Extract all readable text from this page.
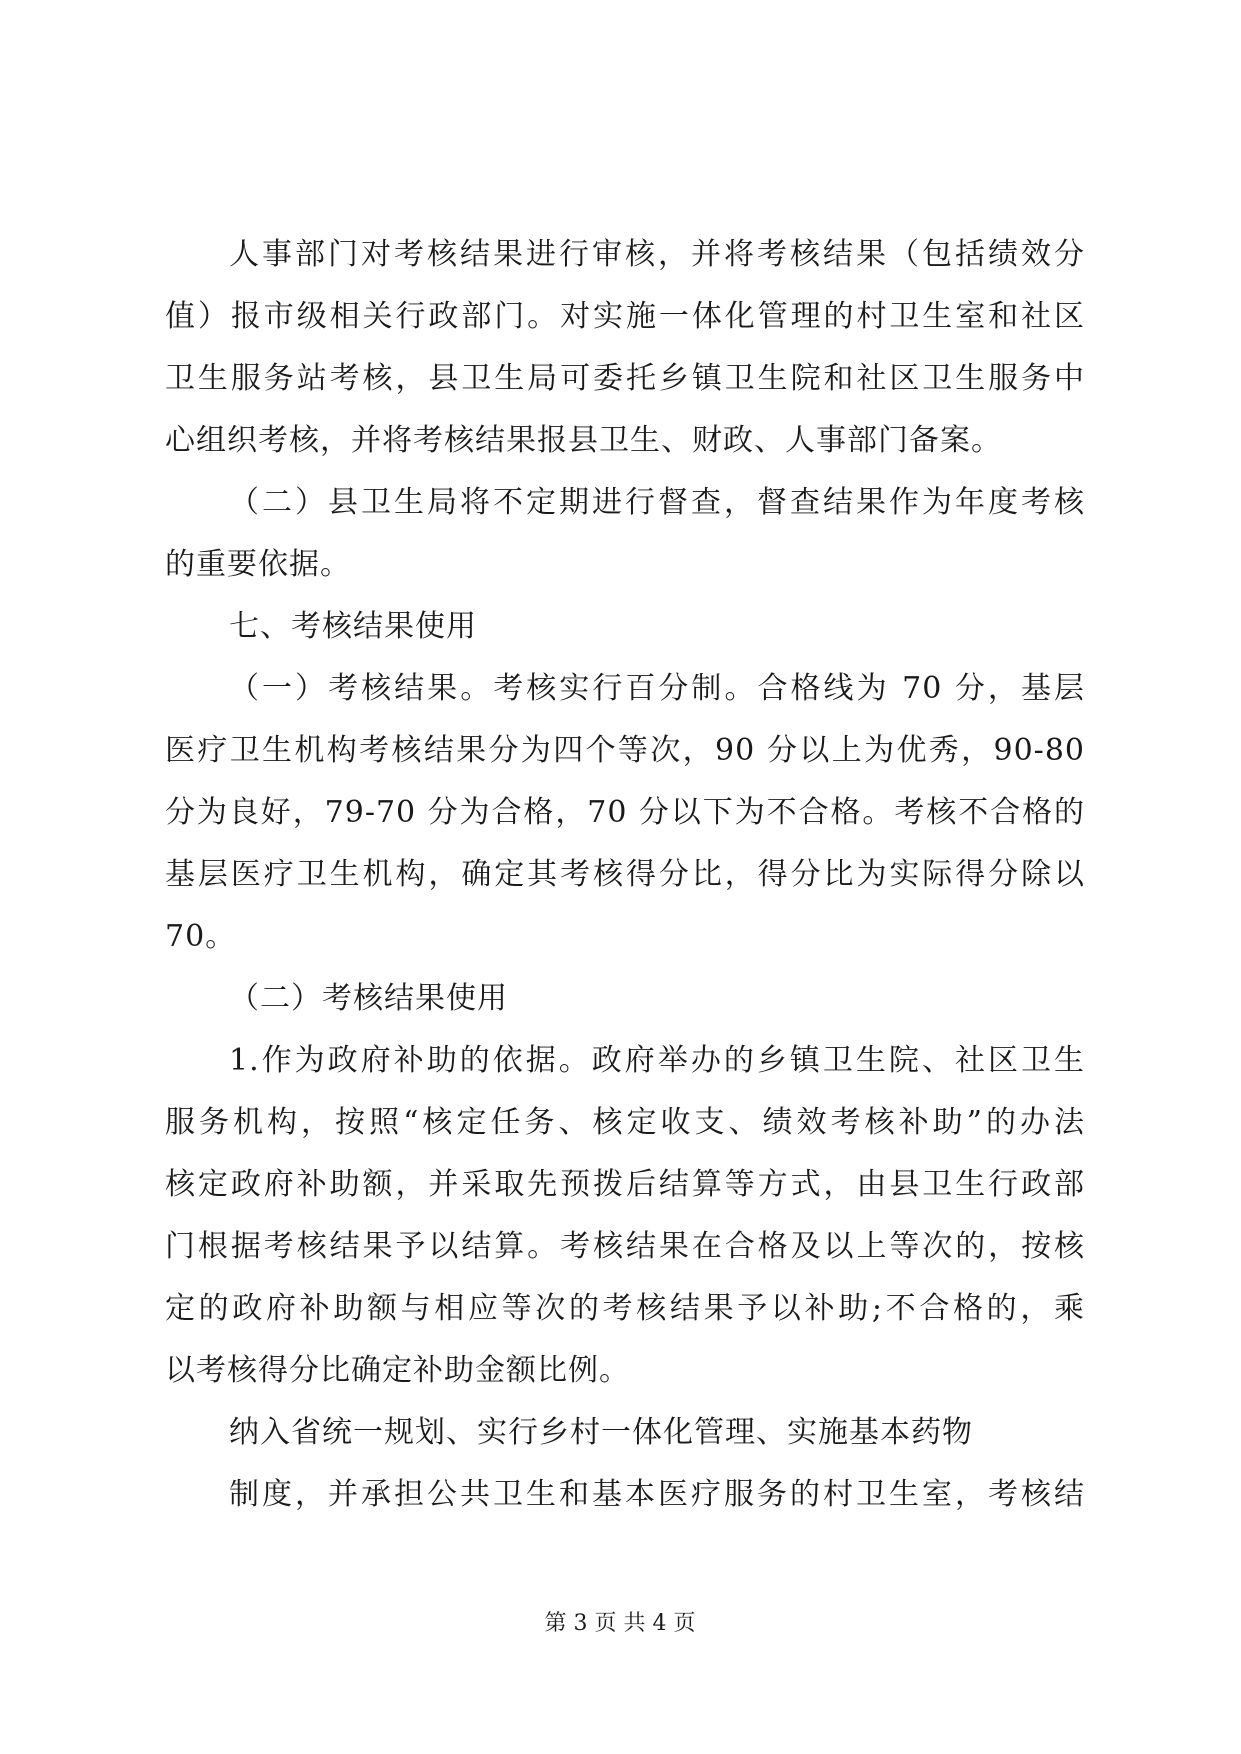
人事部门对考核结果进行审核，并将考核结果（包括绩效分
值）报市级相关行政部门。对实施一体化管理的村卫生室和社区
卫生服务站考核，县卫生局可委托乡镇卫生院和社区卫生服务中
心组织考核，并将考核结果报县卫生、财政、人事部门备案。
（二）县卫生局将不定期进行督查，督查结果作为年度考核
的重要依据。
七、考核结果使用
（一）考核结果。考核实行百分制。合格线为 70 分，基层
医疗卫生机构考核结果分为四个等次，90 分以上为优秀，90-80
分为良好，79-70 分为合格，70 分以下为不合格。考核不合格的
基层医疗卫生机构，确定其考核得分比，得分比为实际得分除以
70。
（二）考核结果使用
1.作为政府补助的依据。政府举办的乡镇卫生院、社区卫生
服务机构，按照“核定任务、核定收支、绩效考核补助”的办法
核定政府补助额，并采取先预拨后结算等方式，由县卫生行政部
门根据考核结果予以结算。考核结果在合格及以上等次的，按核
定的政府补助额与相应等次的考核结果予以补助;不合格的，乘
以考核得分比确定补助金额比例。
纳入省统一规划、实行乡村一体化管理、实施基本药物
制度，并承担公共卫生和基本医疗服务的村卫生室，考核结
第 3 页 共 4 页
